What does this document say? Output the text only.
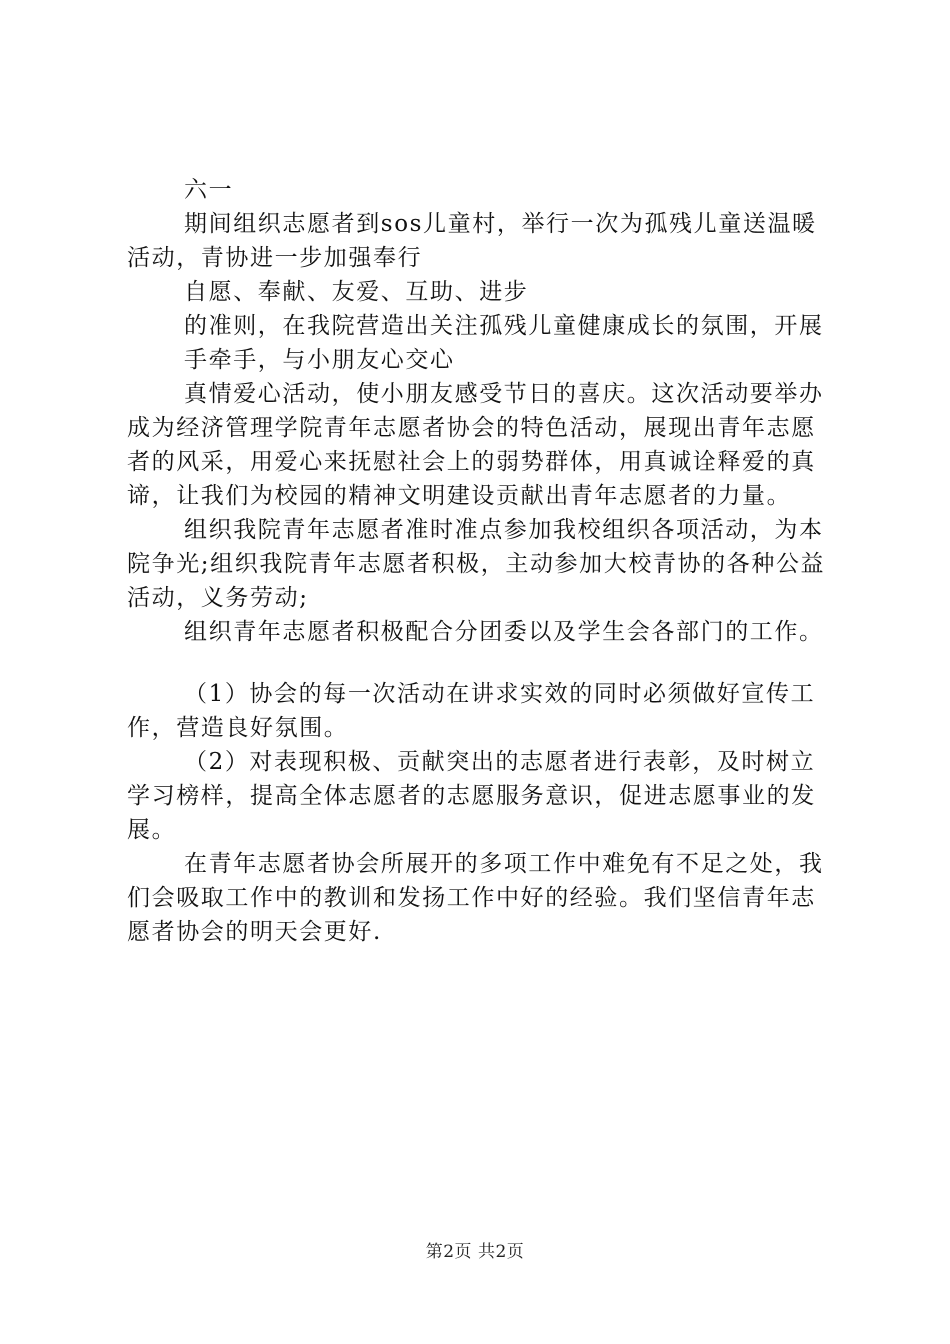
六一

期间组织志愿者到sos儿童村，举行一次为孤残儿童送温暖活动，青协进一步加强奉行

自愿、奉献、友爱、互助、进步

的准则，在我院营造出关注孤残儿童健康成长的氛围，开展

手牵手，与小朋友心交心

真情爱心活动，使小朋友感受节日的喜庆。这次活动要举办成为经济管理学院青年志愿者协会的特色活动，展现出青年志愿者的风采，用爱心来抚慰社会上的弱势群体，用真诚诠释爱的真谛，让我们为校园的精神文明建设贡献出青年志愿者的力量。

组织我院青年志愿者准时准点参加我校组织各项活动，为本院争光;组织我院青年志愿者积极，主动参加大校青协的各种公益活动，义务劳动;

组织青年志愿者积极配合分团委以及学生会各部门的工作。

（1）协会的每一次活动在讲求实效的同时必须做好宣传工作，营造良好氛围。

（2）对表现积极、贡献突出的志愿者进行表彰，及时树立学习榜样，提高全体志愿者的志愿服务意识，促进志愿事业的发展。

在青年志愿者协会所展开的多项工作中难免有不足之处，我们会吸取工作中的教训和发扬工作中好的经验。我们坚信青年志愿者协会的明天会更好.

第2页 共2页
